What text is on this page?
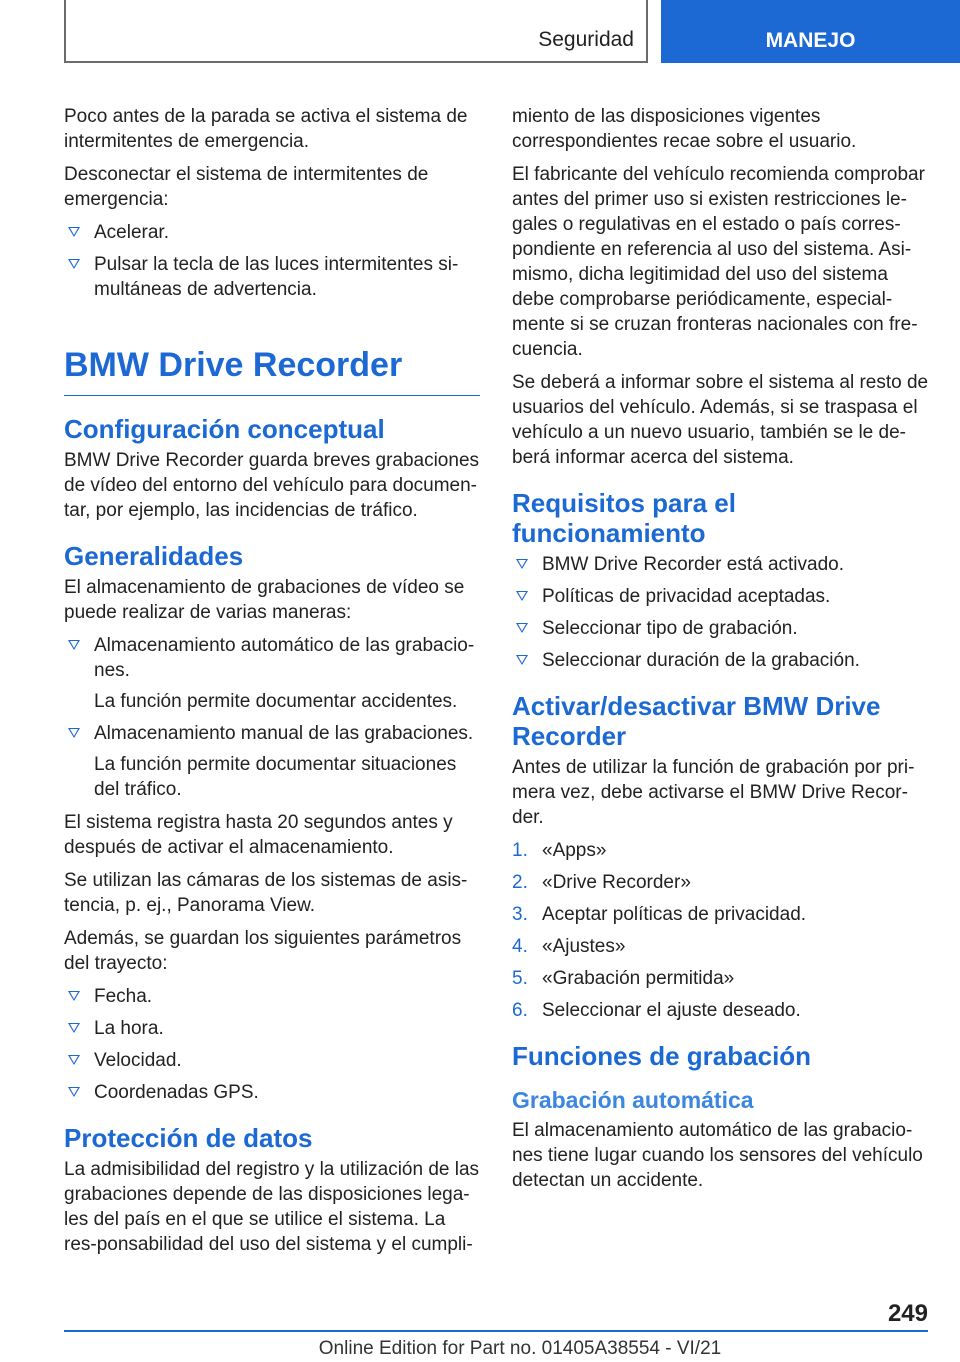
Seguridad	MANEJO

Poco antes de la parada se activa el sistema de intermitentes de emergencia.

Desconectar el sistema de intermitentes de emergencia:

Acelerar.
Pulsar la tecla de las luces intermitentes si-multáneas de advertencia.
BMW Drive Recorder
Configuración conceptual

BMW Drive Recorder guarda breves grabaciones de vídeo del entorno del vehículo para documen-tar, por ejemplo, las incidencias de tráfico.

Generalidades

El almacenamiento de grabaciones de vídeo se puede realizar de varias maneras:

Almacenamiento automático de las grabacio-nes.
La función permite documentar accidentes.
Almacenamiento manual de las grabaciones.
La función permite documentar situaciones del tráfico.

El sistema registra hasta 20 segundos antes y después de activar el almacenamiento.

Se utilizan las cámaras de los sistemas de asis-tencia, p. ej., Panorama View.

Además, se guardan los siguientes parámetros del trayecto:

Fecha.
La hora.
Velocidad.
Coordenadas GPS.
Protección de datos

La admisibilidad del registro y la utilización de las grabaciones depende de las disposiciones lega-les del país en el que se utilice el sistema. La res-ponsabilidad del uso del sistema y el cumpli-

miento de las disposiciones vigentes correspondientes recae sobre el usuario.

El fabricante del vehículo recomienda comprobar antes del primer uso si existen restricciones le-gales o regulativas en el estado o país corres-pondiente en referencia al uso del sistema. Asi-mismo, dicha legitimidad del uso del sistema debe comprobarse periódicamente, especial-mente si se cruzan fronteras nacionales con fre-cuencia.

Se deberá a informar sobre el sistema al resto de usuarios del vehículo. Además, si se traspasa el vehículo a un nuevo usuario, también se le de-berá informar acerca del sistema.

Requisitos para el funcionamiento
BMW Drive Recorder está activado.
Políticas de privacidad aceptadas.
Seleccionar tipo de grabación.
Seleccionar duración de la grabación.
Activar/desactivar BMW Drive Recorder

Antes de utilizar la función de grabación por pri-mera vez, debe activarse el BMW Drive Recor-der.

1. «Apps»
2. «Drive Recorder»
3. Aceptar políticas de privacidad.
4. «Ajustes»
5. «Grabación permitida»
6. Seleccionar el ajuste deseado.
Funciones de grabación
Grabación automática

El almacenamiento automático de las grabacio-nes tiene lugar cuando los sensores del vehículo detectan un accidente.

249
Online Edition for Part no. 01405A38554 - VI/21
